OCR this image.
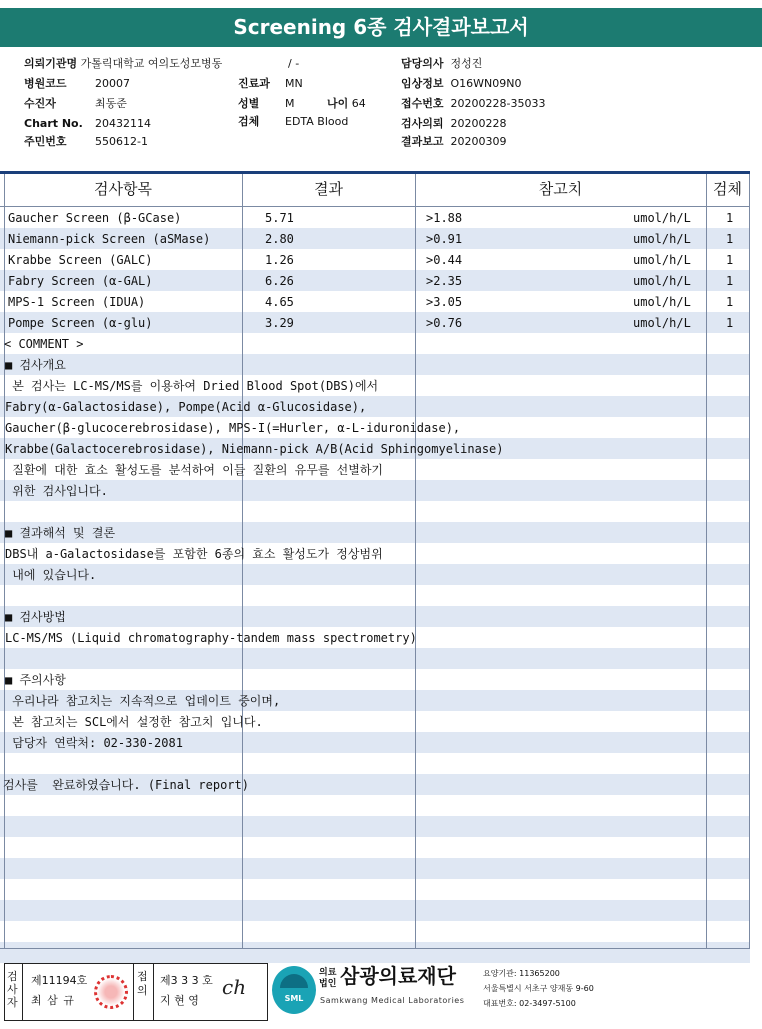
Screening 6종 검사결과보고서
의뢰기관명 가톨릭대학교 여의도성모병동	/ -	담당의사 정성진
병원코드	20007	진료과 MN	임상정보 O16WN09N0
수진자	최동준	성별 M	나이 64	접수번호 20200228-35033
Chart No. 20432114	검체 EDTA Blood	검사의뢰 20200228
주민번호	550612-1	결과보고 20200309
검사항목	결과	참고치	검체
Gaucher Screen (β-GCase)	5.71	>1.88	umol/h/L	1
Niemann-pick Screen (aSMase)	2.80	>0.91	umol/h/L	1
Krabbe Screen (GALC)	1.26	>0.44	umol/h/L	1
Fabry Screen (α-GAL)	6.26	>2.35	umol/h/L	1
MPS-1 Screen (IDUA)	4.65	>3.05	umol/h/L	1
Pompe Screen (α-glu)	3.29	>0.76	umol/h/L	1
< COMMENT >
■ 검사개요
본 검사는 LC-MS/MS를 이용하여 Dried Blood Spot(DBS)에서
Fabry(α-Galactosidase), Pompe(Acid α-Glucosidase),
Gaucher(β-glucocerebrosidase), MPS-I(=Hurler, α-L-iduronidase),
Krabbe(Galactocerebrosidase), Niemann-pick A/B(Acid Sphingomyelinase)
질환에 대한 효소 활성도를 분석하여 이들 질환의 유무를 선별하기
위한 검사입니다.
■ 결과해석 및 결론
DBS내 a-Galactosidase를 포함한 6종의 효소 활성도가 정상범위
내에 있습니다.
■ 검사방법
LC-MS/MS (Liquid chromatography-tandem mass spectrometry)
■ 주의사항
우리나라 참고치는 지속적으로 업데이트 중이며,
본 참고치는 SCL에서 설정한 참고치 입니다.
담당자 연락처: 02-330-2081
검사를  완료하였습니다. (Final report)
검사자
제11194호
최 삼 규
접의
제3 3 3 호
지 현 영
ch	SML
의료
법인 삼광의료재단
Samkwang Medical Laboratories
요양기관: 11365200
서울특별시 서초구 양재동 9-60
대표번호: 02-3497-5100
